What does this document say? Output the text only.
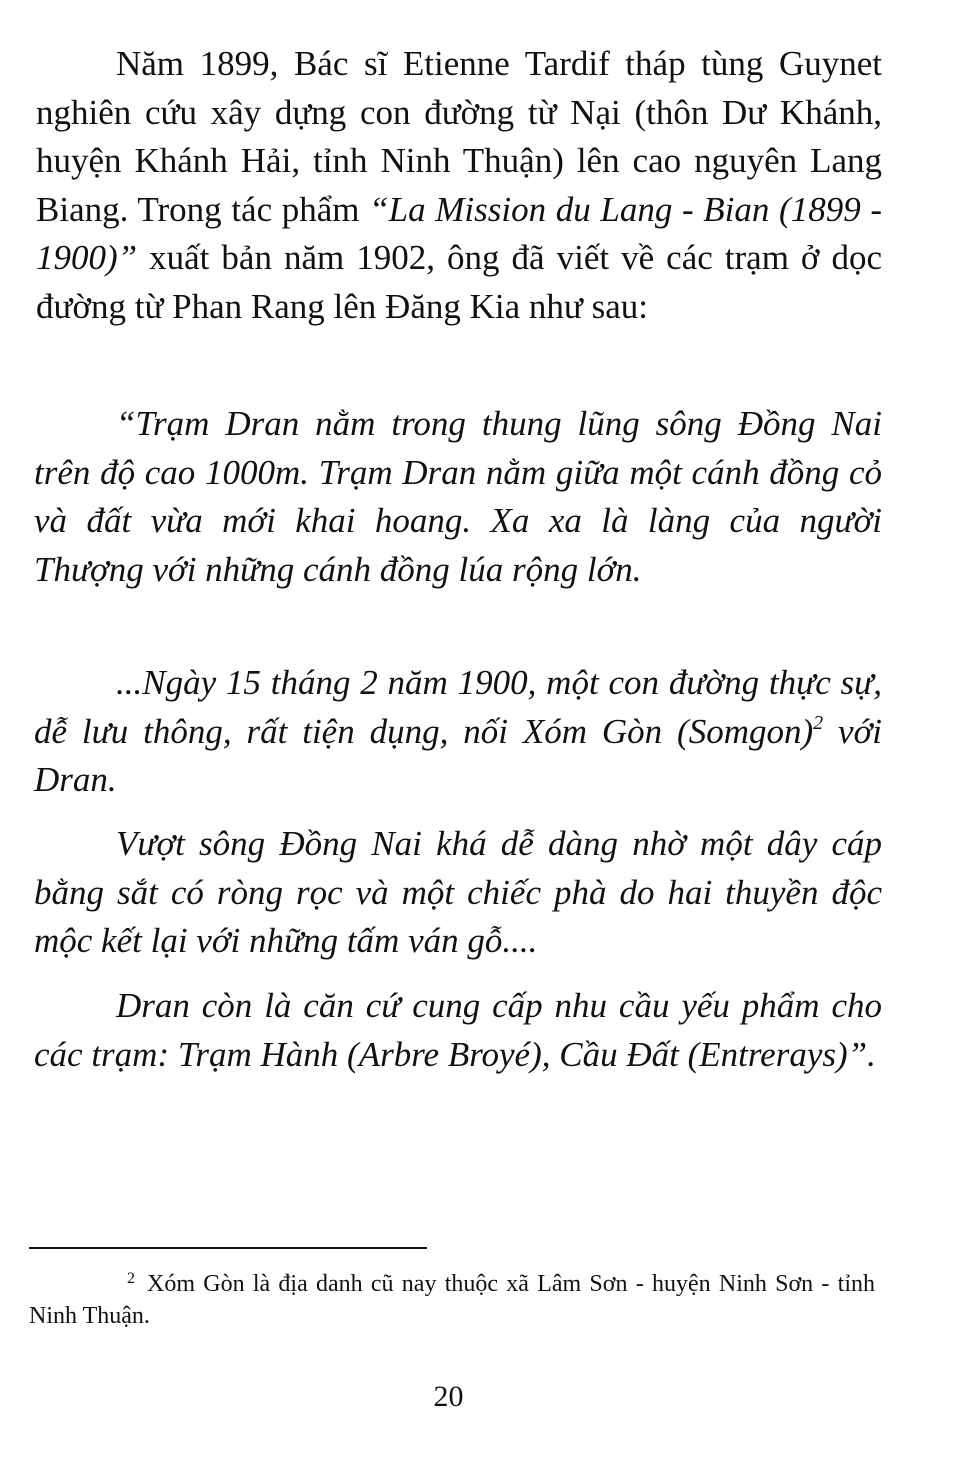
Năm 1899, Bác sĩ Etienne Tardif tháp tùng Guynet nghiên cứu xây dựng con đường từ Nại (thôn Dư Khánh, huyện Khánh Hải, tỉnh Ninh Thuận) lên cao nguyên Lang Biang. Trong tác phẩm “La Mission du Lang - Bian (1899 - 1900)” xuất bản năm 1902, ông đã viết về các trạm ở dọc đường từ Phan Rang lên Đăng Kia như sau:

“Trạm Dran nằm trong thung lũng sông Đồng Nai trên độ cao 1000m. Trạm Dran nằm giữa một cánh đồng cỏ và đất vừa mới khai hoang. Xa xa là làng của người Thượng với những cánh đồng lúa rộng lớn.

...Ngày 15 tháng 2 năm 1900, một con đường thực sự, dễ lưu thông, rất tiện dụng, nối Xóm Gòn (Somgon)$^2$ với Dran.

Vượt sông Đồng Nai khá dễ dàng nhờ một dây cáp bằng sắt có ròng rọc và một chiếc phà do hai thuyền độc mộc kết lại với những tấm ván gỗ....

Dran còn là căn cứ cung cấp nhu cầu yếu phẩm cho các trạm: Trạm Hành (Arbre Broyé), Cầu Đất (Entrerays)”.

$^2$ Xóm Gòn là địa danh cũ nay thuộc xã Lâm Sơn - huyện Ninh Sơn - tỉnh Ninh Thuận.

20
